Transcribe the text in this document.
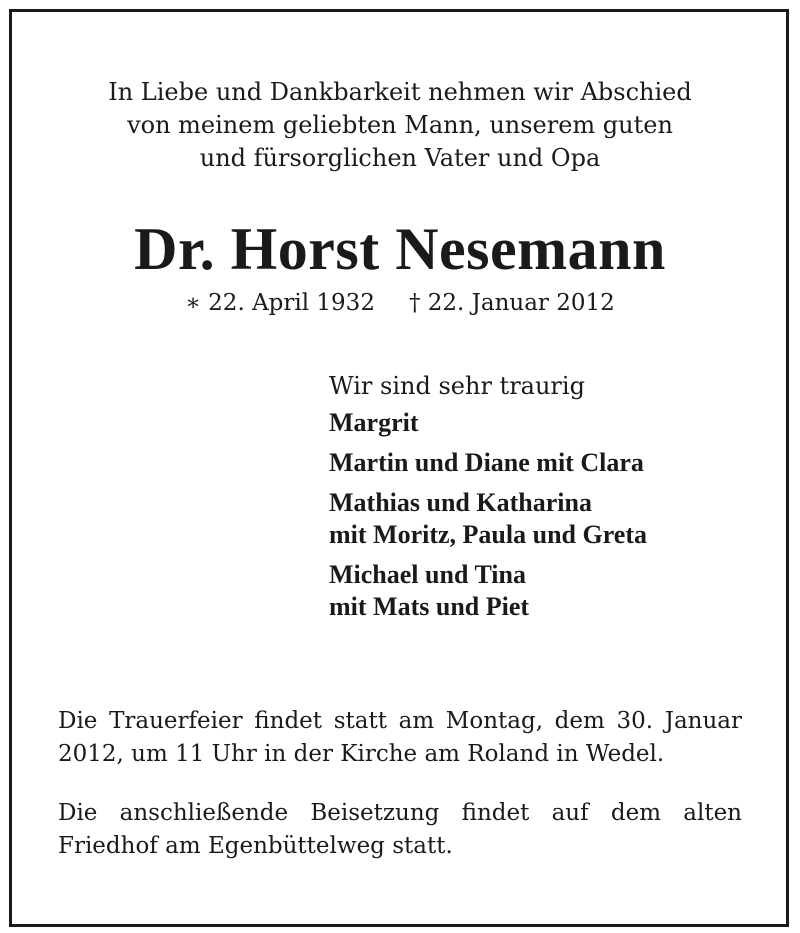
In Liebe und Dankbarkeit nehmen wir Abschied
von meinem geliebten Mann, unserem guten
und fürsorglichen Vater und Opa
Dr. Horst Nesemann
∗ 22. April 1932 † 22. Januar 2012
Wir sind sehr traurig
Margrit
Martin und Diane mit Clara
Mathias und Katharina
mit Moritz, Paula und Greta
Michael und Tina
mit Mats und Piet
Die Trauerfeier findet statt am Montag, dem 30. Januar 2012, um 11 Uhr in der Kirche am Roland in Wedel.
Die anschließende Beisetzung findet auf dem alten Friedhof am Egenbüttelweg statt.
